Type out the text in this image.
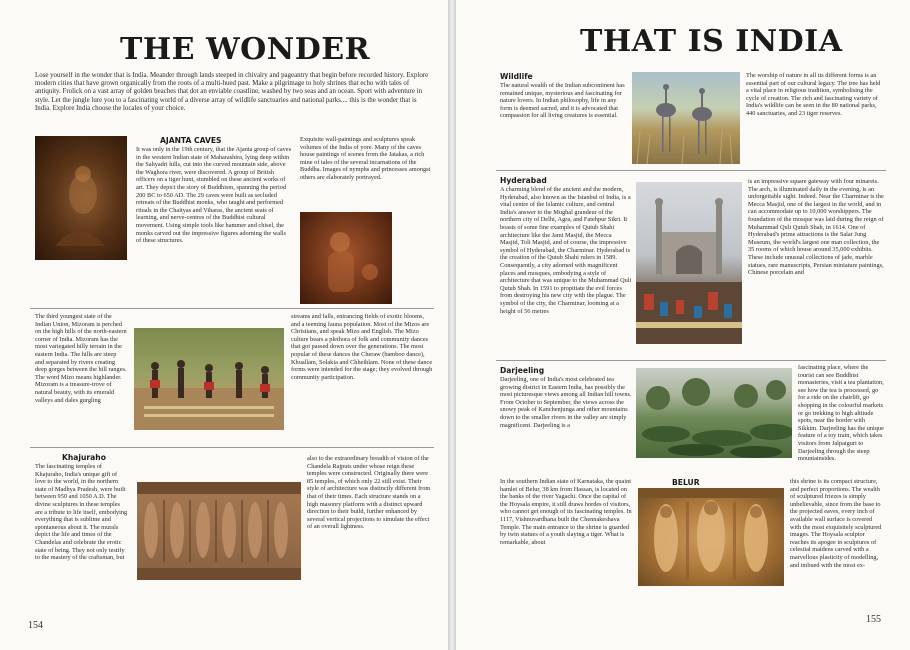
THE WONDER
Lose yourself in the wonder that is India. Meander through lands steeped in chivalry and pageantry that begin before recorded history. Explore modern cities that have grown organically from the roots of a multi-hued past. Make a pilgrimage to holy shrines that echo with tales of antiquity. Frolick on a vast array of golden beaches that dot an enviable coastline, washed by two seas and an ocean. Sport with adventure in style. Let the jungle lure you to a fascinating world of a diverse array of wildlife sanctuaries and national parks.... this is the wonder that is India. Explore India choose the locales of your choice.
AJANTA CAVES
It was only in the 19th century, that the Ajanta group of caves in the western Indian state of Maharashtra, lying deep within the Sahyadri hills, cut into the curved mountain side, above the Waghora river, were discovered. A group of British officers on a tiger hunt, stumbled on these ancient works of art. They depict the story of Buddhism, spanning the period 200 BC to 650 AD. The 29 caves were built as secluded retreats of the Buddhist monks, who taught and performed rituals in the Chaityas and Viharas, the ancient seats of learning, and nerve-centres of the Buddhist cultural movement. Using simple tools like hammer and chisel, the monks carved out the impressive figures adorning the walls of these structures.
Exquisite wall-paintings and sculptures speak volumes of the India of yore. Many of the caves house paintings of scenes from the Jatakas, a rich mine of tales of the several incarnations of the Buddha. Images of nymphs and princesses amongst others are elaborately portrayed.
The third youngest state of the Indian Union, Mizoram is perched on the high hills of the north-eastern corner of India. Mizoram has the most variegated hilly terrain in the eastern India. The hills are steep and separated by rivers creating deep gorges between the hill ranges. The word Mizo means highlander. Mizoram is a treasure-trove of natural beauty, with its emerald valleys and dales gurgling
streams and falls, entrancing fields of exotic blooms, and a teeming fauna population. Most of the Mizos are Christians, and speak Mizo and English. The Mizo culture bears a plethora of folk and community dances that got passed down over the generations. The most popular of these dances the Cheraw (bamboo dance), Khuallam, Solakia and Chheihlam. None of these dance forms were intended for the stage; they evolved through community participation.
Khajuraho
The fascinating temples of Khajuraho, India's unique gift of love to the world, in the northern state of Madhya Pradesh, were built between 950 and 1050 A.D. The divine sculptures in these temples are a tribute to life itself, embodying everything that is sublime and spontaneous about it. The murals depict the life and times of the Chandelas and celebrate the erotic state of being. They not only testify to the mastery of the craftsman, but
also to the extraordinary breadth of vision of the Chandela Rajputs under whose reign these temples were constructed. Originally there were 85 temples, of which only 22 still exist. Their style of architecture was distinctly different from that of their times. Each structure stands on a high masonry platform with a distinct upward direction to their build, further enhanced by several vertical projections to simulate the effect of an overall lightness.
154
THAT IS INDIA
Wildlife
The natural wealth of the Indian subcontinent has remained unique, mysterious and fascinating for nature lovers. In Indian philosophy, life in any form is deemed sacred, and it is advocated that compassion for all living creatures is essential.
The worship of nature in all its different forms is an essential part of our cultural legacy. The tree has held a vital place in religious tradition, symbolising the cycle of creation. The rich and fascinating variety of India's wildlife can be seen in the 80 national parks, 440 sanctuaries, and 23 tiger reserves.
Hyderabad
A charming blend of the ancient and the modern, Hyderabad, also known as the Istanbul of India, is a vital centre of the Islamic culture, and central India's answer to the Mughal grandeur of the northern city of Delhi, Agra, and Fatehpur Sikri. It boasts of some fine examples of Qutub Shahi architecture like the Jami Masjid, the Mecca Masjid, Toli Masjid, and of course, the impressive symbol of Hyderabad, the Charminar. Hyderabad is the creation of the Qutub Shahi rulers in 1589. Consequently, a city adorned with magnificent places and mosques, embodying a style of architecture that was unique to the Muhammad Quli Qutub Shah. In 1591 to propitiate the evil forces from destroying his new city with the plague. The symbol of the city, the Charminar, looming at a height of 56 metres
is an impressive square gateway with four minarets. The arch, is illuminated daily in the evening, is an unforgettable sight. Indeed. Near the Charminar is the Mecca Masjid, one of the largest in the world, and in can accommodate up to 10,000 worshippers. The foundation of the mosque was laid during the reign of Muhammad Quli Qutub Shah, in 1614. One of Hyderabad's prime attractions is the Salar Jung Museum, the world's largest one man collection, the 35 rooms of which house around 35,000 exhibits. These include unusual collections of jade, marble statues, rare manuscripts, Persian miniature paintings, Chinese porcelain and
Darjeeling
Darjeeling, one of India's most celebrated tea growing district in Eastern India, has possibly the most picturesque views among all Indian hill towns. From October to September, the views across the snowy peak of Kanchenjunga and other mountains down to the smaller rivers in the valley are simply magnificent. Darjeeling is a
fascinating place, where the tourist can see Buddhist monasteries, visit a tea plantation, see how the tea is processed, go for a ride on the chairlift, go shopping in the colourful markets or go trekking to high altitude spots, near the border with Sikkim. Darjeeling has the unique feature of a toy train, which takes visitors from Jalpaiguri to Darjeeling through the steep mountainsides.
In the southern Indian state of Karnataka, the quaint hamlet of Belur, 38 km from Hassan, is located on the banks of the river Yagachi. Once the capital of the Hoysala empire, it still draws hordes of visitors, who cannot get enough of its fascinating temples. In 1117, Vishnuvardhana built the Chennakeshava Temple. The main entrance to the shrine is guarded by twin statues of a youth slaying a tiger. What is remarkable, about
BELUR	this shrine is its compact structure, and perfect proportions. The wealth of sculptured friezes is simply unbelievable, since from the base to the projected eaves, every inch of available wall surface is covered with the most exquisitely sculptured images. The Hoysala sculptor reaches its apogee in sculptures of celestial maidens carved with a marvellous plasticity of modelling, and imbued with the most ex-
155
